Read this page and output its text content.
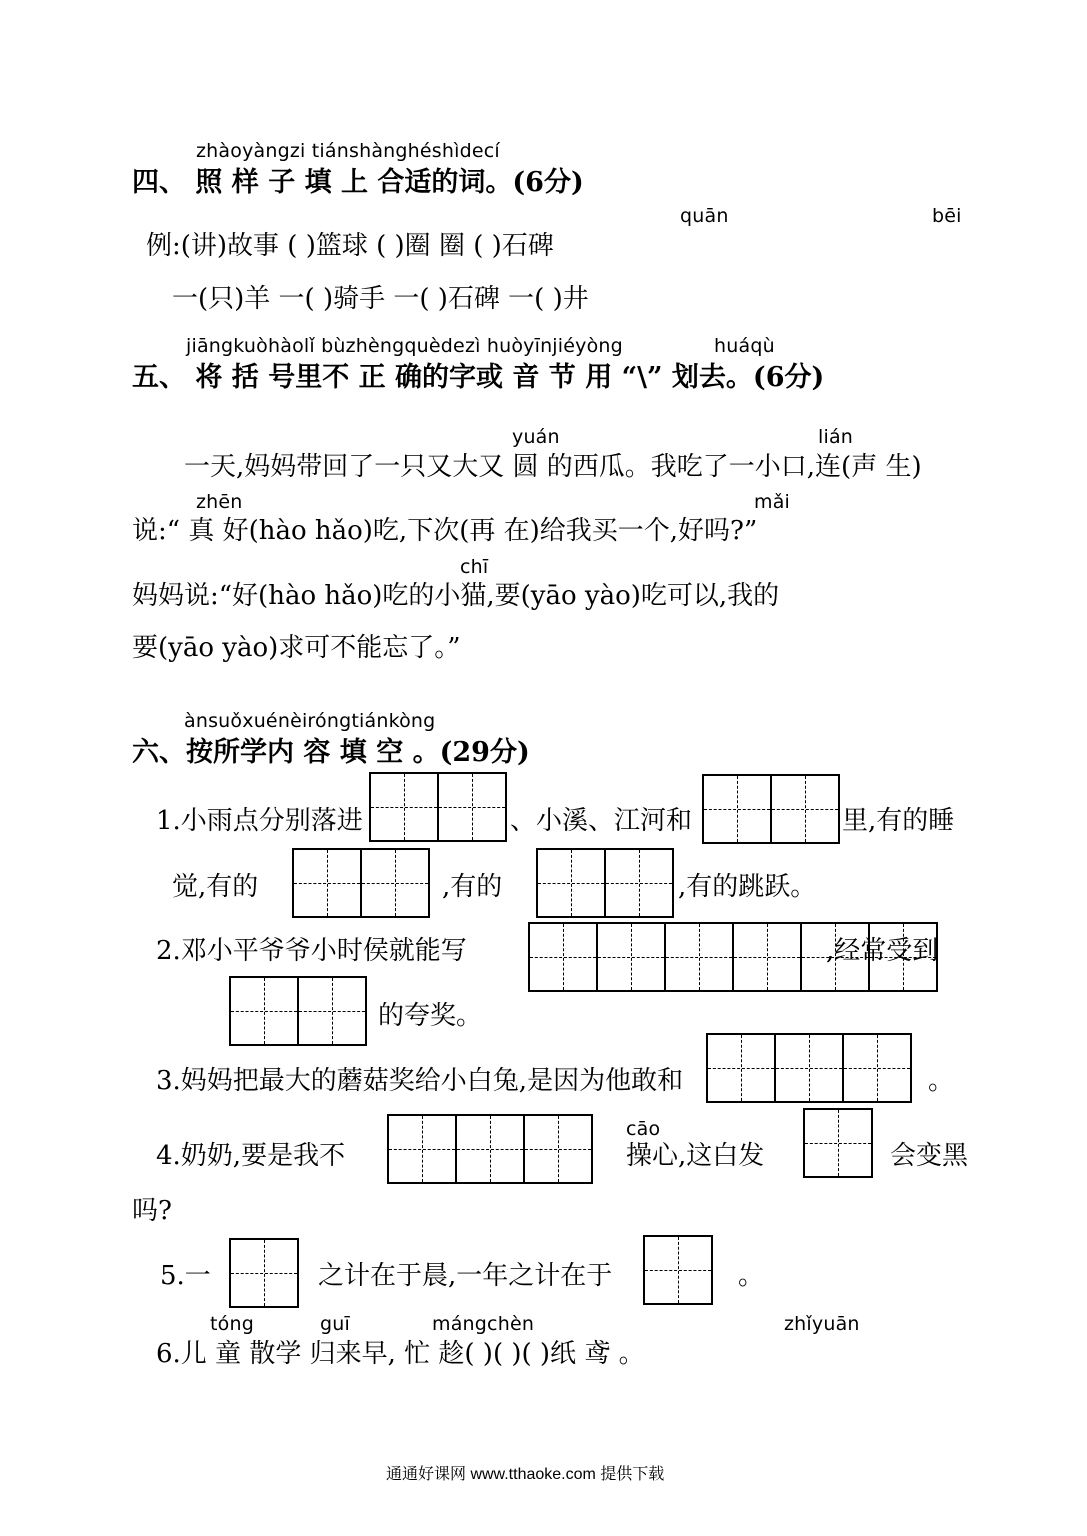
zhàoyàngzi tiánshànghéshìdecí
四、 照 样 子 填 上 合适的词。(6分)
quān	bēi
例:(讲)故事 ( )篮球 ( )圈 圈 ( )石碑
一(只)羊 一( )骑手 一( )石碑 一( )井
jiāngkuòhàolǐ bùzhèngquèdezì huòyīnjiéyòng	huáqù
五、 将 括 号里不 正 确的字或 音 节 用 “\” 划去。(6分)
yuán	lián
一天,妈妈带回了一只又大又 圆 的西瓜。我吃了一小口,连(声 生)
zhēn	mǎi
说:“ 真 好(hào hǎo)吃,下次(再 在)给我买一个,好吗?”
chī
妈妈说:“好(hào hǎo)吃的小猫,要(yāo yào)吃可以,我的
要(yāo yào)求可不能忘了。”
ànsuǒxuénèiróngtiánkòng
六、按所学内 容 填 空 。(29分)
1.小雨点分别落进	、小溪、江河和	里,有的睡
觉,有的	,有的	,有的跳跃。
2.邓小平爷爷小时侯就能写	,经常受到
的夸奖。
3.妈妈把最大的蘑菇奖给小白兔,是因为他敢和	。
4.奶奶,要是我不
cāo
操心,这白发	会变黑
吗?
5.一	之计在于晨,一年之计在于	。
tóng	guī	mángchèn	zhǐyuān
6.儿 童 散学 归来早, 忙 趁( )( )( )纸 鸢 。
通通好课网 www.tthaoke.com 提供下载
